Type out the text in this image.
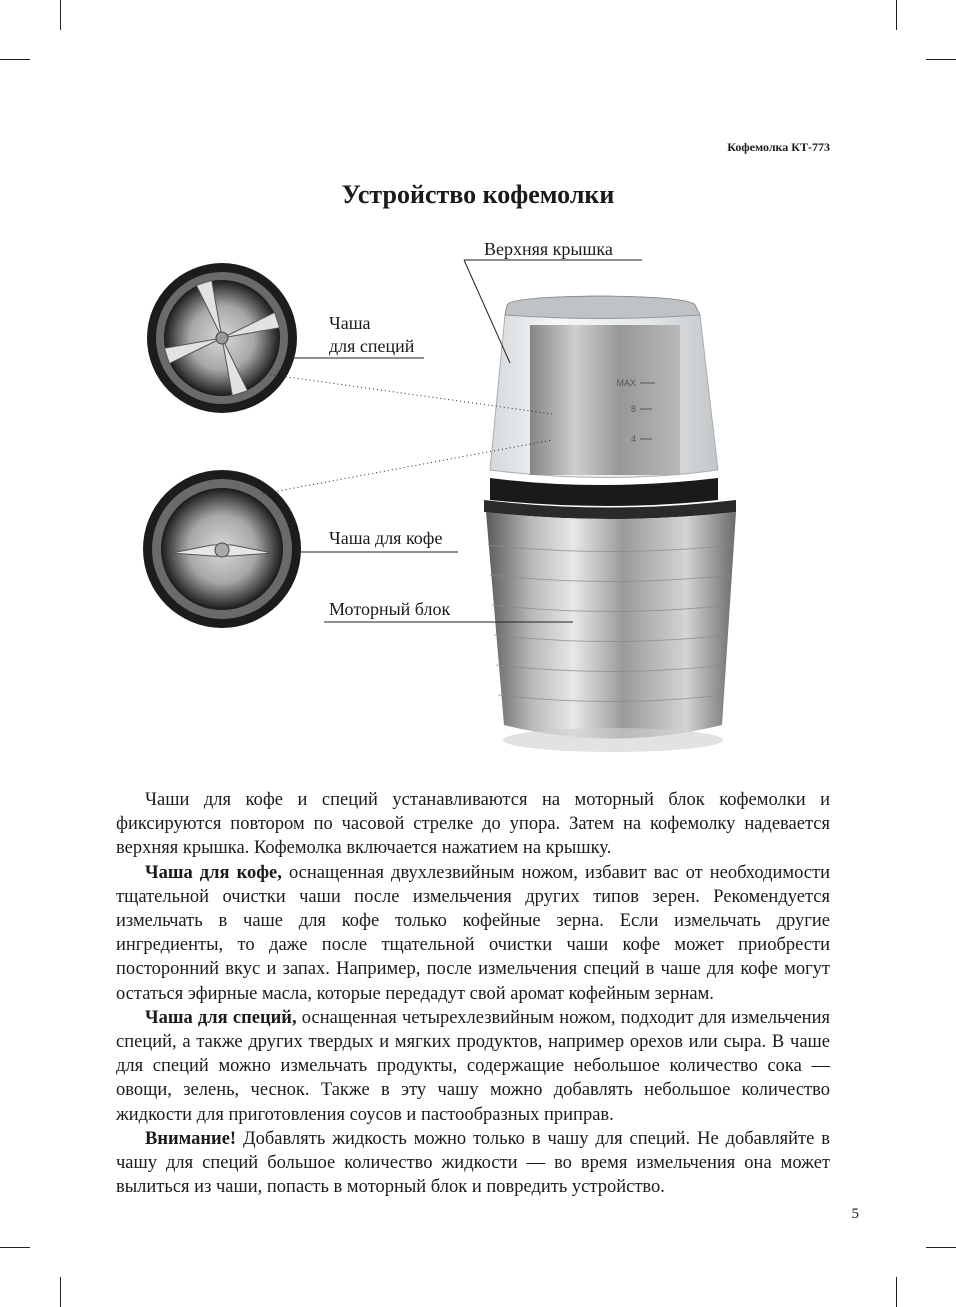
Кофемолка КТ-773
Устройство кофемолки
MAX
8
4
Верхняя крышка
Чаша
для специй
Чаша для кофе
Моторный блок

Чаши для кофе и специй устанавливаются на моторный блок кофемолки и фиксируются повтором по часовой стрелке до упора. Затем на кофемолку надевается верхняя крышка. Кофемолка включается нажатием на крышку.

Чаша для кофе, оснащенная двухлезвийным ножом, избавит вас от необходимости тщательной очистки чаши после измельчения других типов зерен. Рекомендуется измельчать в чаше для кофе только кофейные зерна. Если измельчать другие ингредиенты, то даже после тщательной очистки чаши кофе может приобрести посторонний вкус и запах. Например, после измельчения специй в чаше для кофе могут остаться эфирные масла, которые передадут свой аромат кофейным зернам.

Чаша для специй, оснащенная четырехлезвийным ножом, подходит для измельчения специй, а также других твердых и мягких продуктов, например орехов или сыра. В чаше для специй можно измельчать продукты, содержащие небольшое количество сока — овощи, зелень, чеснок. Также в эту чашу можно добавлять небольшое количество жидкости для приготовления соусов и пастообразных приправ.

Внимание! Добавлять жидкость можно только в чашу для специй. Не добавляйте в чашу для специй большое количество жидкости — во время измельчения она может вылиться из чаши, попасть в моторный блок и повредить устройство.

5
